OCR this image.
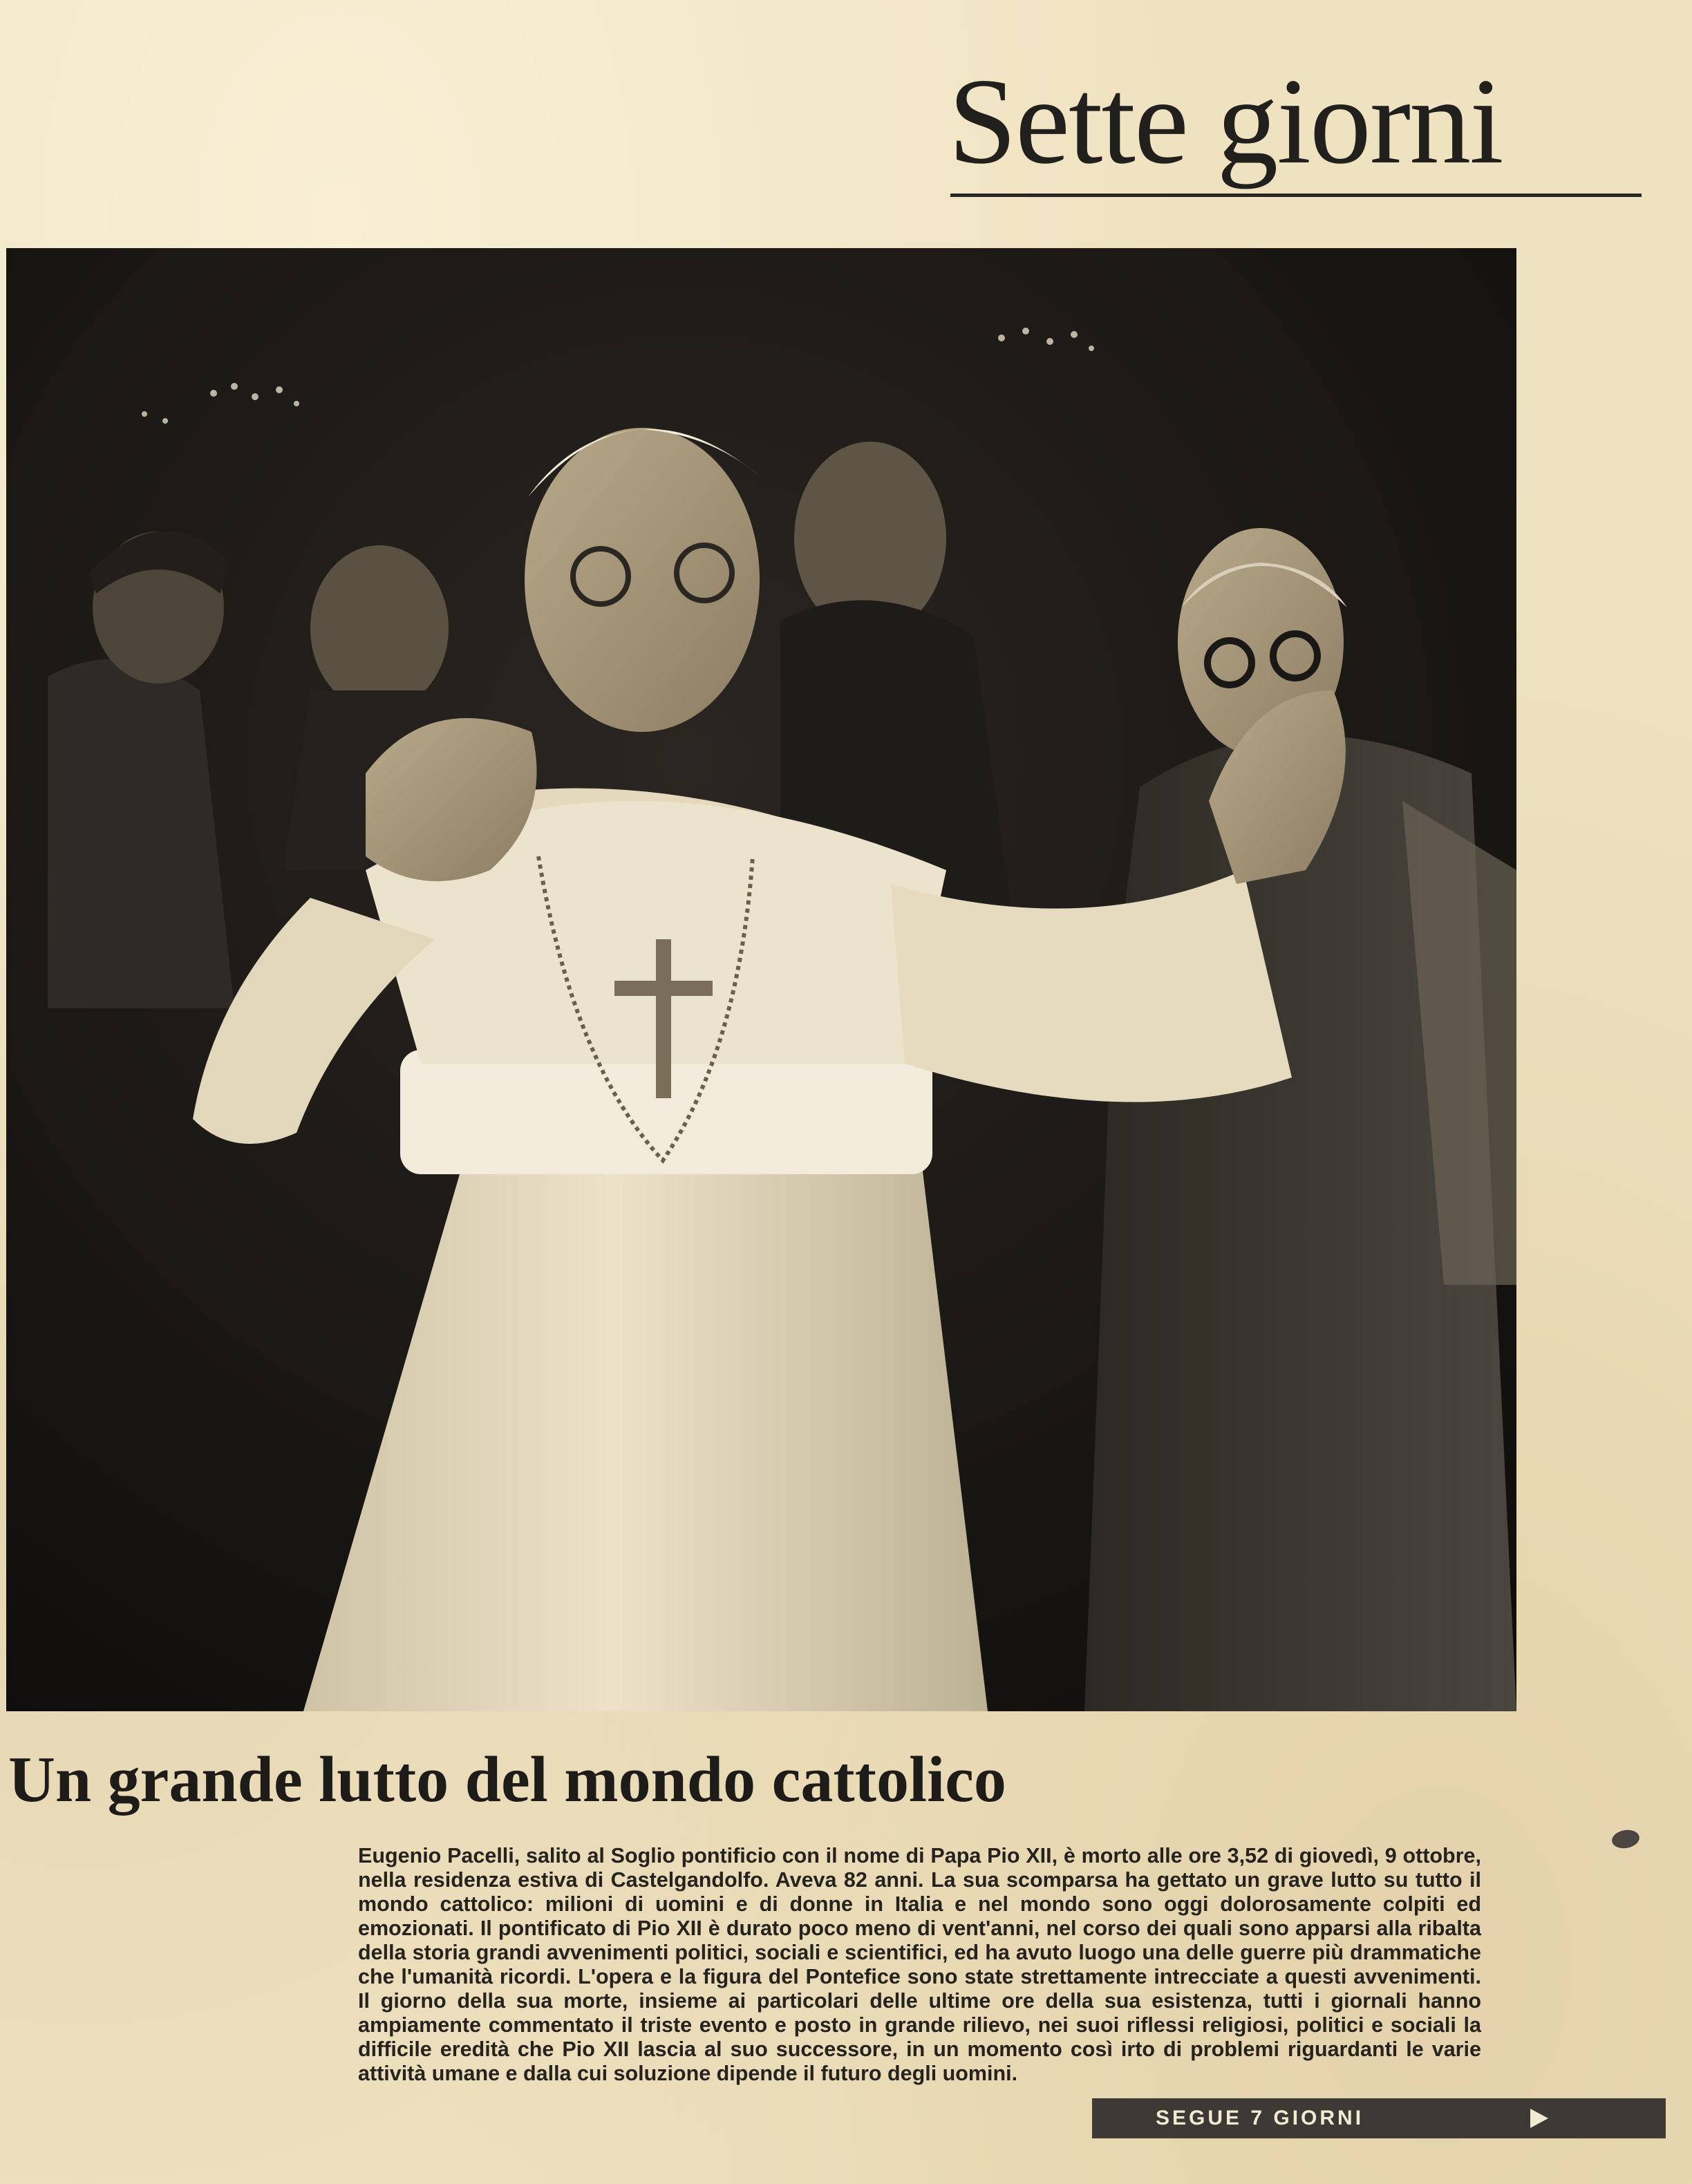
Sette giorni
Un grande lutto del mondo cattolico
Eugenio Pacelli, salito al Soglio pontificio con il nome di Papa Pio XII, è morto alle ore 3,52 di giovedì, 9 ottobre, nella residenza estiva di Castelgandolfo. Aveva 82 anni. La sua scomparsa ha gettato un grave lutto su tutto il mondo cattolico: milioni di uomini e di donne in Italia e nel mondo sono oggi dolorosamente colpiti ed emozionati. Il pontificato di Pio XII è durato poco meno di vent'anni, nel corso dei quali sono apparsi alla ribalta della storia grandi avvenimenti politici, sociali e scientifici, ed ha avuto luogo una delle guerre più drammatiche che l'umanità ricordi. L'opera e la figura del Pontefice sono state strettamente intrecciate a questi avvenimenti. Il giorno della sua morte, insieme ai particolari delle ultime ore della sua esistenza, tutti i giornali hanno ampiamente commentato il triste evento e posto in grande rilievo, nei suoi riflessi religiosi, politici e sociali la difficile eredità che Pio XII lascia al suo successore, in un momento così irto di problemi riguardanti le varie attività umane e dalla cui soluzione dipende il futuro degli uomini.
SEGUE 7 GIORNI
